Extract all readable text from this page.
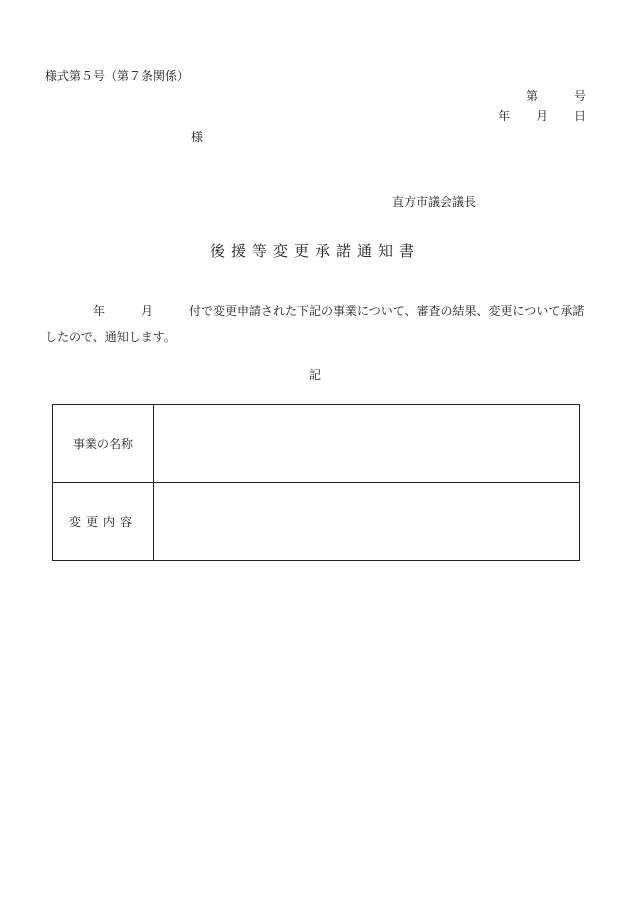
様式第５号（第７条関係）
第	号
年 月 日
様
直方市議会議長
後援等変更承諾通知書
年	月	付で変更申請された下記の事業について、審査の結果、変更について承諾したので、通知します。
記
事業の名称	
変更内容	
